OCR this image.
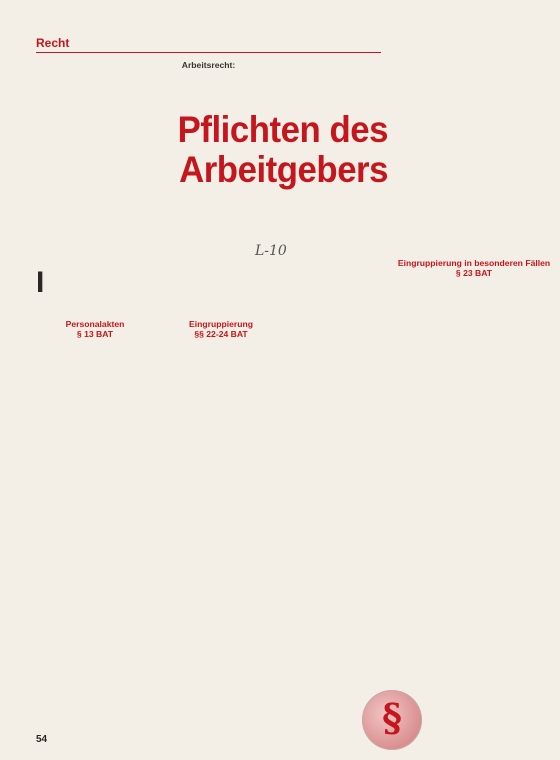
Recht

Arbeitsrecht:

Pflichten des
Arbeitgebers
L-10

I

Personalakten
§ 13 BAT

Eingruppierung
§§ 22-24 BAT

Eingruppierung in besonderen Fällen
§ 23 BAT

§
54
